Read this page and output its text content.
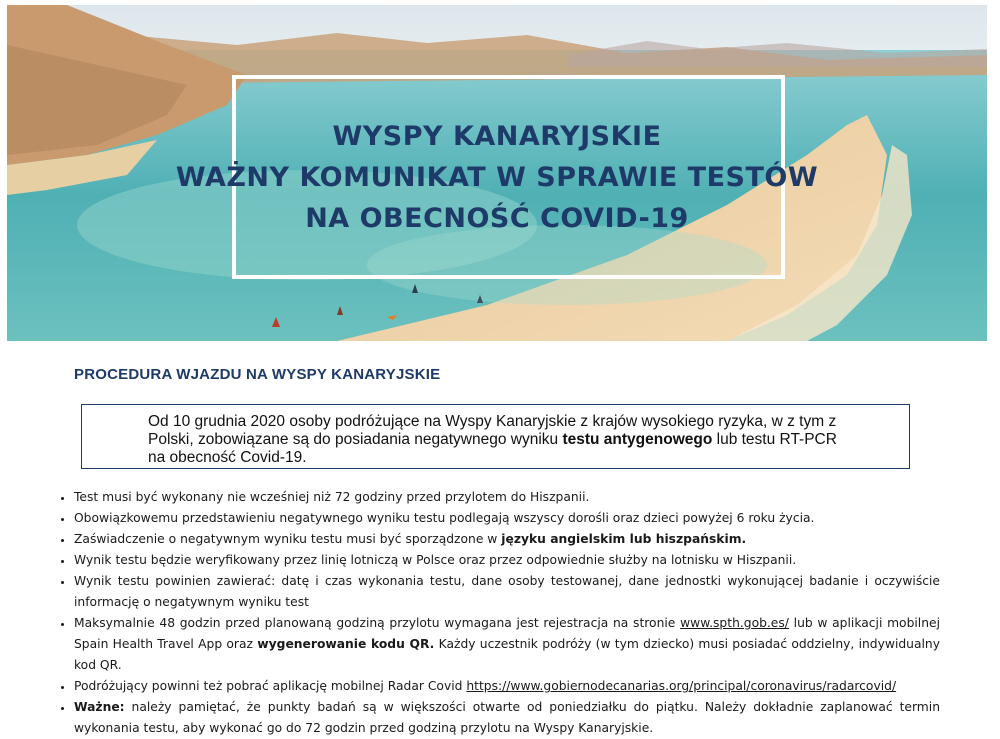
WYSPY KANARYJSKIE
WAŻNY KOMUNIKAT W SPRAWIE TESTÓW
NA OBECNOŚĆ COVID-19
PROCEDURA WJAZDU NA WYSPY KANARYJSKIE

Od 10 grudnia 2020 osoby podróżujące na Wyspy Kanaryjskie z krajów wysokiego ryzyka, w z tym z Polski, zobowiązane są do posiadania negatywnego wyniku testu antygenowego lub testu RT-PCR na obecność Covid-19.

• Test musi być wykonany nie wcześniej niż 72 godziny przed przylotem do Hiszpanii.
• Obowiązkowemu przedstawieniu negatywnego wyniku testu podlegają wszyscy dorośli oraz dzieci powyżej 6 roku życia.
• Zaświadczenie o negatywnym wyniku testu musi być sporządzone w języku angielskim lub hiszpańskim.
• Wynik testu będzie weryfikowany przez linię lotniczą w Polsce oraz przez odpowiednie służby na lotnisku w Hiszpanii.
• Wynik testu powinien zawierać: datę i czas wykonania testu, dane osoby testowanej, dane jednostki wykonującej badanie i oczywiście informację o negatywnym wyniku test
• Maksymalnie 48 godzin przed planowaną godziną przylotu wymagana jest rejestracja na stronie www.spth.gob.es/ lub w aplikacji mobilnej Spain Health Travel App oraz wygenerowanie kodu QR. Każdy uczestnik podróży (w tym dziecko) musi posiadać oddzielny, indywidualny kod QR.
• Podróżujący powinni też pobrać aplikację mobilnej Radar Covid https://www.gobiernodecanarias.org/principal/coronavirus/radarcovid/
• Ważne: należy pamiętać, że punkty badań są w większości otwarte od poniedziałku do piątku. Należy dokładnie zaplanować termin wykonania testu, aby wykonać go do 72 godzin przed godziną przylotu na Wyspy Kanaryjskie.
